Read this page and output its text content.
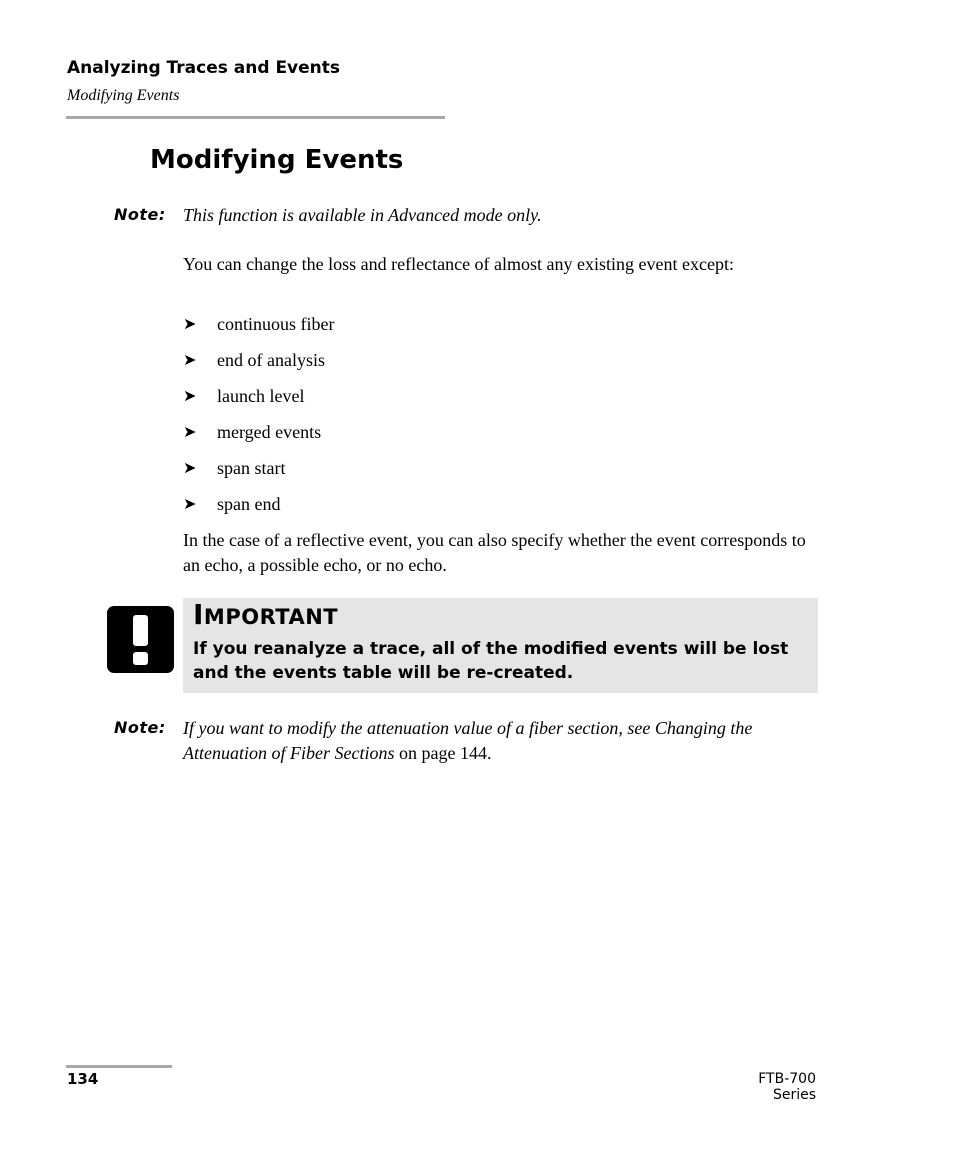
Analyzing Traces and Events
Modifying Events
Modifying Events
Note: This function is available in Advanced mode only.
You can change the loss and reflectance of almost any existing event except:
➤	continuous fiber
➤	end of analysis
➤	launch level
➤	merged events
➤	span start
➤	span end
In the case of a reflective event, you can also specify whether the event corresponds to an echo, a possible echo, or no echo.
IMPORTANT
If you reanalyze a trace, all of the modified events will be lost and the events table will be re-created.
Note: If you want to modify the attenuation value of a fiber section, see Changing the Attenuation of Fiber Sections on page 144.
134	FTB-700 Series
